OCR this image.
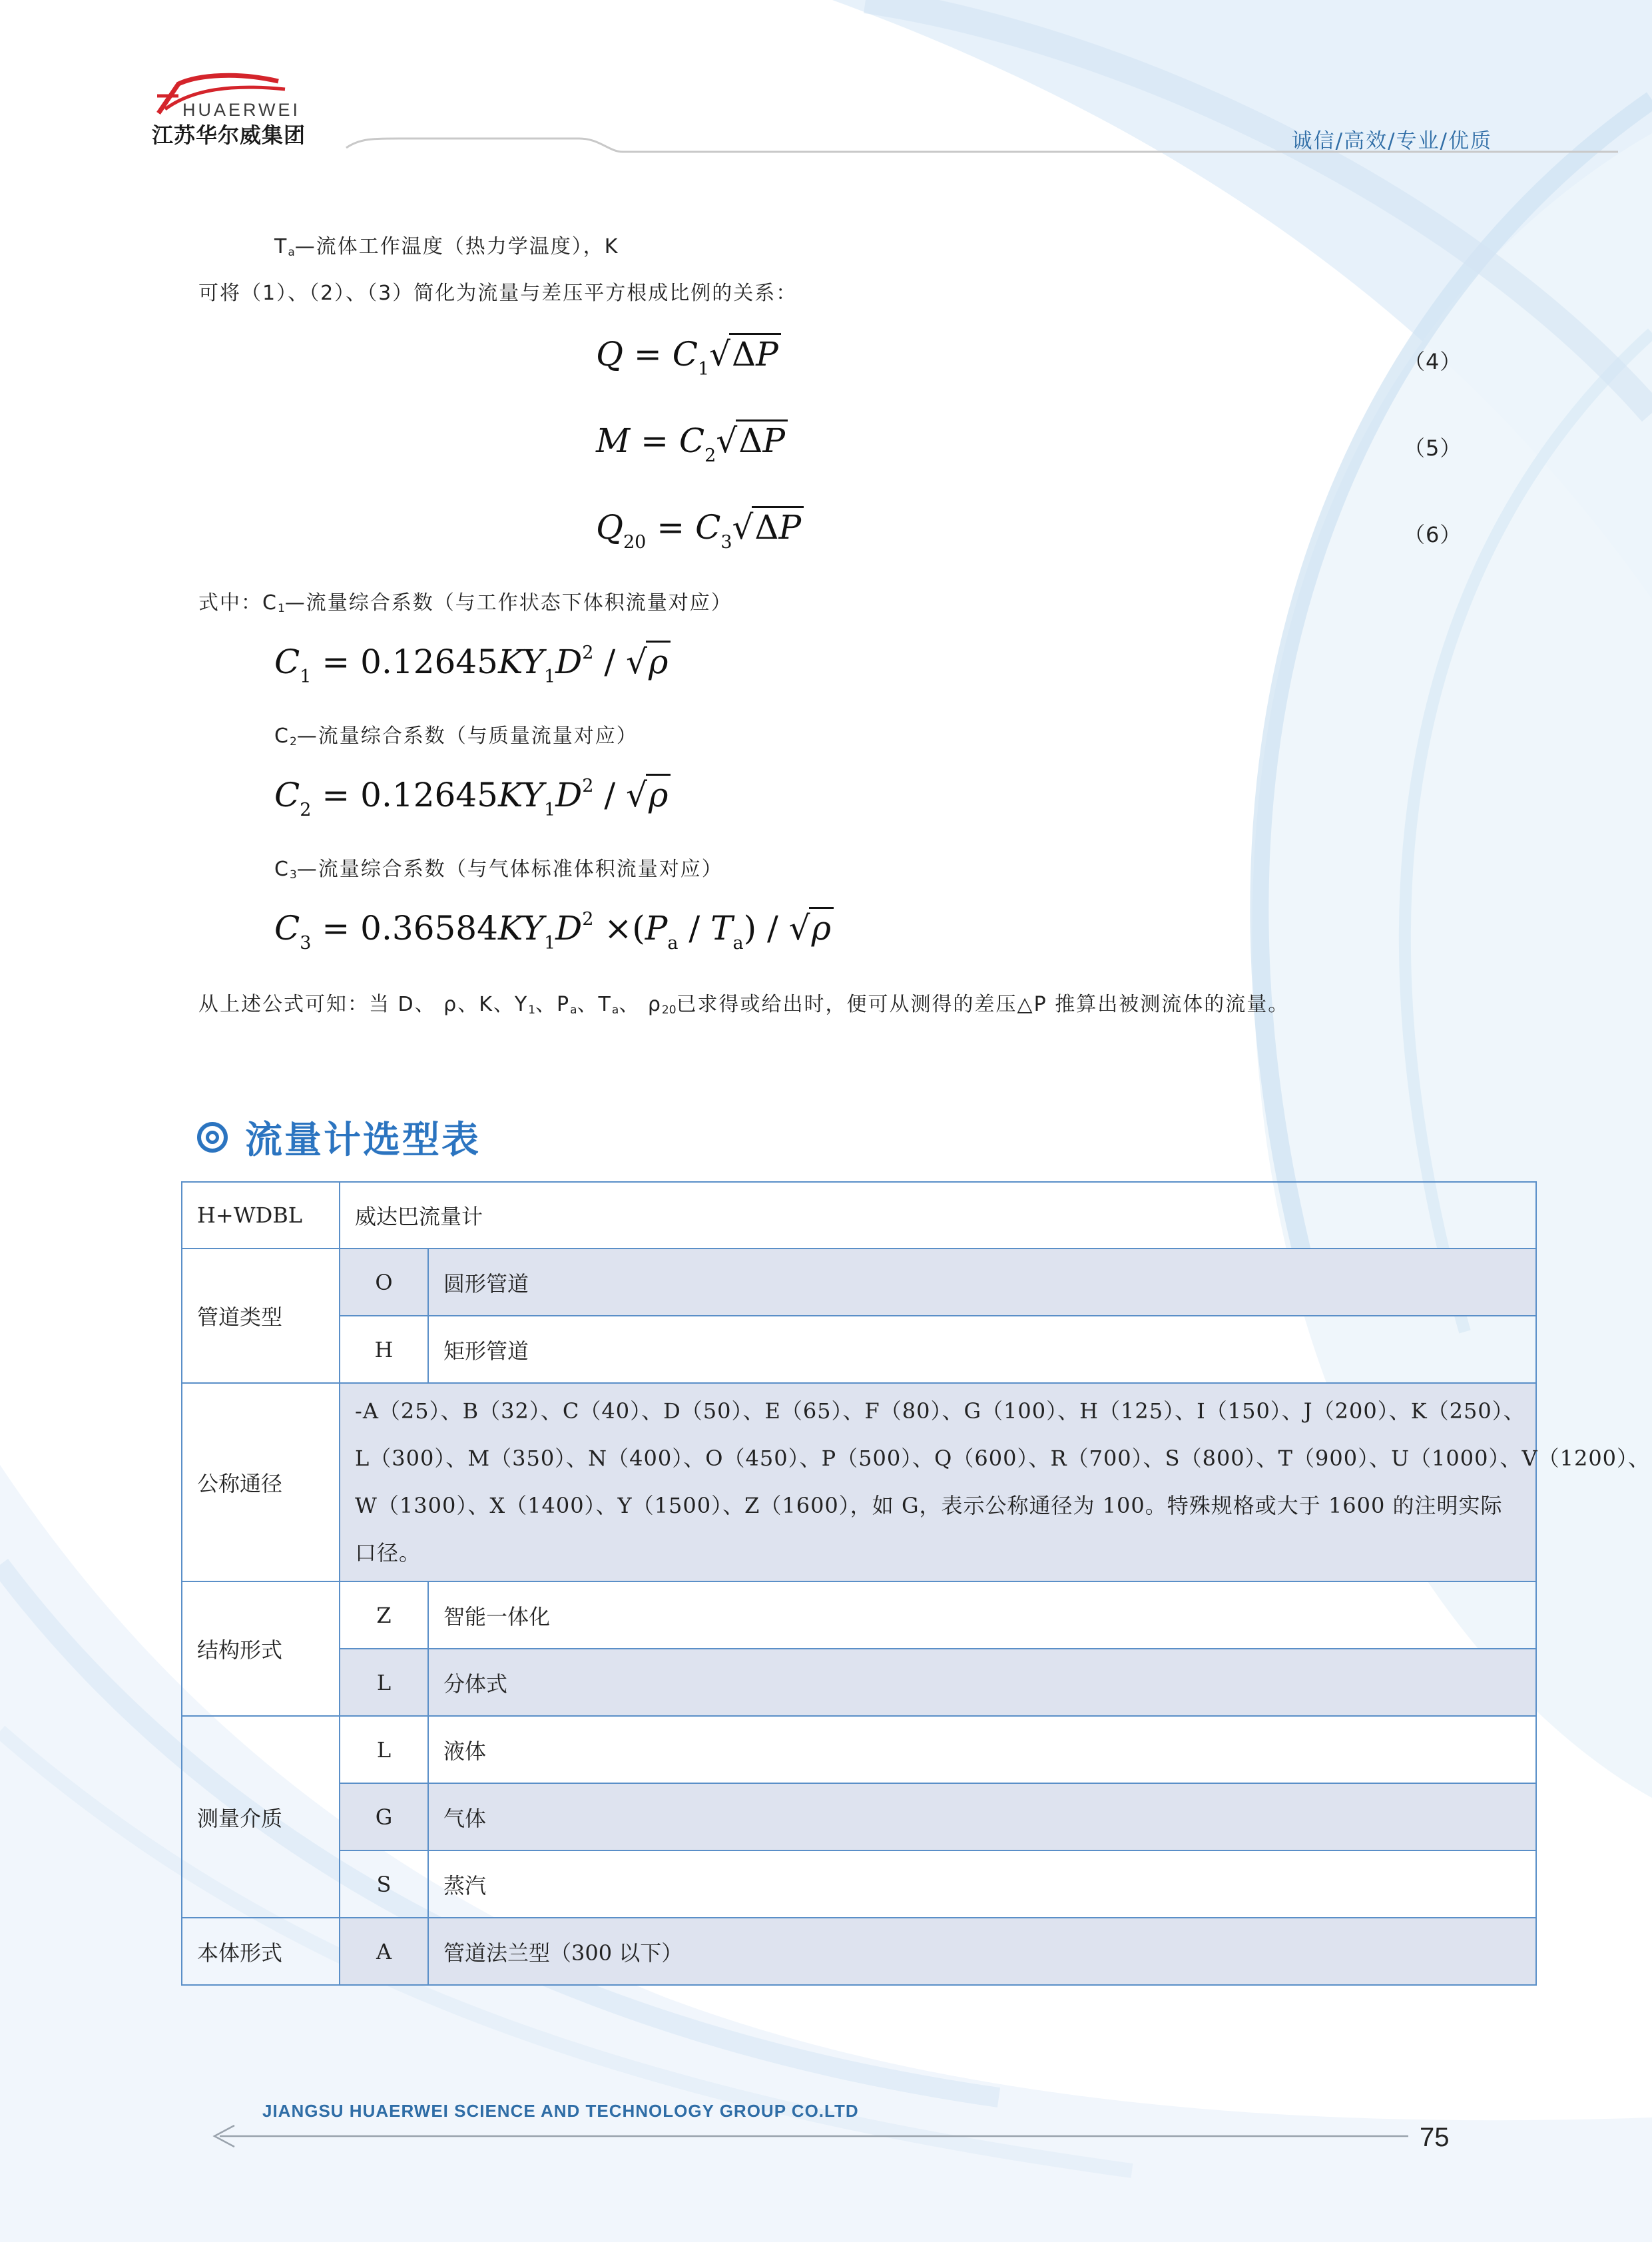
HUAERWEI
江苏华尔威集团	诚信/高效/专业/优质
$T_a—$流体工作温度（热力学温度），K
可将（1）、（2）、（3）简化为流量与差压平方根成比例的关系：
$Q = C_1√\Delta P$	（4）
$M = C_2√\Delta P$	（5）
$Q_{20} = C_3√\Delta P$	（6）
式中：$C_1—$流量综合系数（与工作状态下体积流量对应）
$C_1 = 0.12645KY_1D^2 / √\rho$
$C_2—$流量综合系数（与质量流量对应）
$C_2 = 0.12645KY_1D^2 / √\rho$
$C_3—$流量综合系数（与气体标准体积流量对应）
$C_3 = 0.36584KY_1D^2 \times(P_a / T_a) / √\rho$
从上述公式可知：当 D、 ρ、K、$Y_1$、$P_a$、$T_a$、 $\rho_{20}$已求得或给出时，便可从测得的差压△P 推算出被测流体的流量。
流量计选型表
H+WDBL	威达巴流量计	
管道类型	O	圆形管道
	H	矩形管道
公称通径	-A（25）、B（32）、C（40）、D（50）、E（65）、F（80）、G（100）、H（125）、I（150）、J（200）、K（250）、
L（300）、M（350）、N（400）、O（450）、P（500）、Q（600）、R（700）、S（800）、T（900）、U（1000）、V（1200）、
W（1300）、X（1400）、Y（1500）、Z（1600），如 G，表示公称通径为 100。特殊规格或大于 1600 的注明实际
口径。	

结构形式	Z	智能一体化
	L	分体式
测量介质	L	液体
	G	气体
	S	蒸汽
本体形式	A	管道法兰型（300 以下）
JIANGSU HUAERWEI SCIENCE AND TECHNOLOGY GROUP CO.LTD
75
